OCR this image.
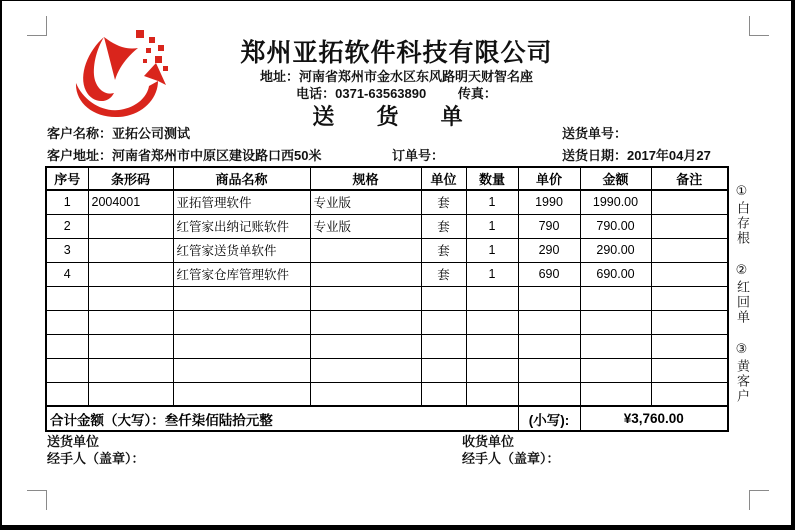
郑州亚拓软件科技有限公司
地址：河南省郑州市金水区东风路明天财智名座
电话：0371-63563890 传真：
送 货 单
客户名称：亚拓公司测试	送货单号：
客户地址：河南省郑州市中原区建设路口西50米	订单号：	送货日期：2017年04月27
序号	条形码	商品名称	规格	单位	数量	单价	金额	备注
1	2004001	亚拓管理软件	专业版	套	1	1990	1990.00	
2		红管家出纳记账软件	专业版	套	1	790	790.00	
3		红管家送货单软件		套	1	290	290.00	
4		红管家仓库管理软件		套	1	690	690.00	

合计金额（大写）：叁仟柒佰陆拾元整						(小写):	¥3,760.00	
①白存根
②红回单
③黄客户
送货单位
经手人（盖章）：
收货单位
经手人（盖章）：
